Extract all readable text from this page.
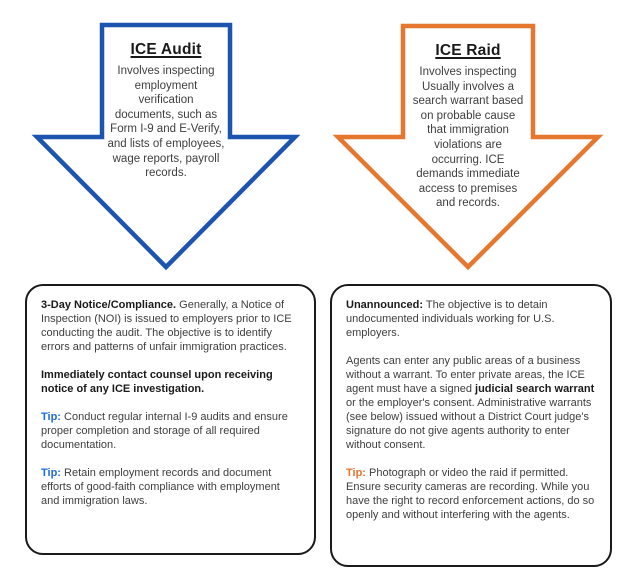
ICE Audit
Involves inspecting
employment
verification
documents, such as
Form I-9 and E-Verify,
and lists of employees,
wage reports, payroll
records.
ICE Raid
Involves inspecting
Usually involves a
search warrant based
on probable cause
that immigration
violations are
occurring. ICE
demands immediate
access to premises
and records.

3-Day Notice/Compliance. Generally, a Notice of Inspection (NOI) is issued to employers prior to ICE conducting the audit. The objective is to identify errors and patterns of unfair immigration practices.

Immediately contact counsel upon receiving notice of any ICE investigation.

Tip: Conduct regular internal I-9 audits and ensure proper completion and storage of all required documentation.

Tip: Retain employment records and document efforts of good-faith compliance with employment and immigration laws.

Unannounced: The objective is to detain undocumented individuals working for U.S. employers.

Agents can enter any public areas of a business without a warrant. To enter private areas, the ICE agent must have a signed judicial search warrant or the employer's consent. Administrative warrants (see below) issued without a District Court judge's signature do not give agents authority to enter without consent.

Tip: Photograph or video the raid if permitted. Ensure security cameras are recording. While you have the right to record enforcement actions, do so openly and without interfering with the agents.
